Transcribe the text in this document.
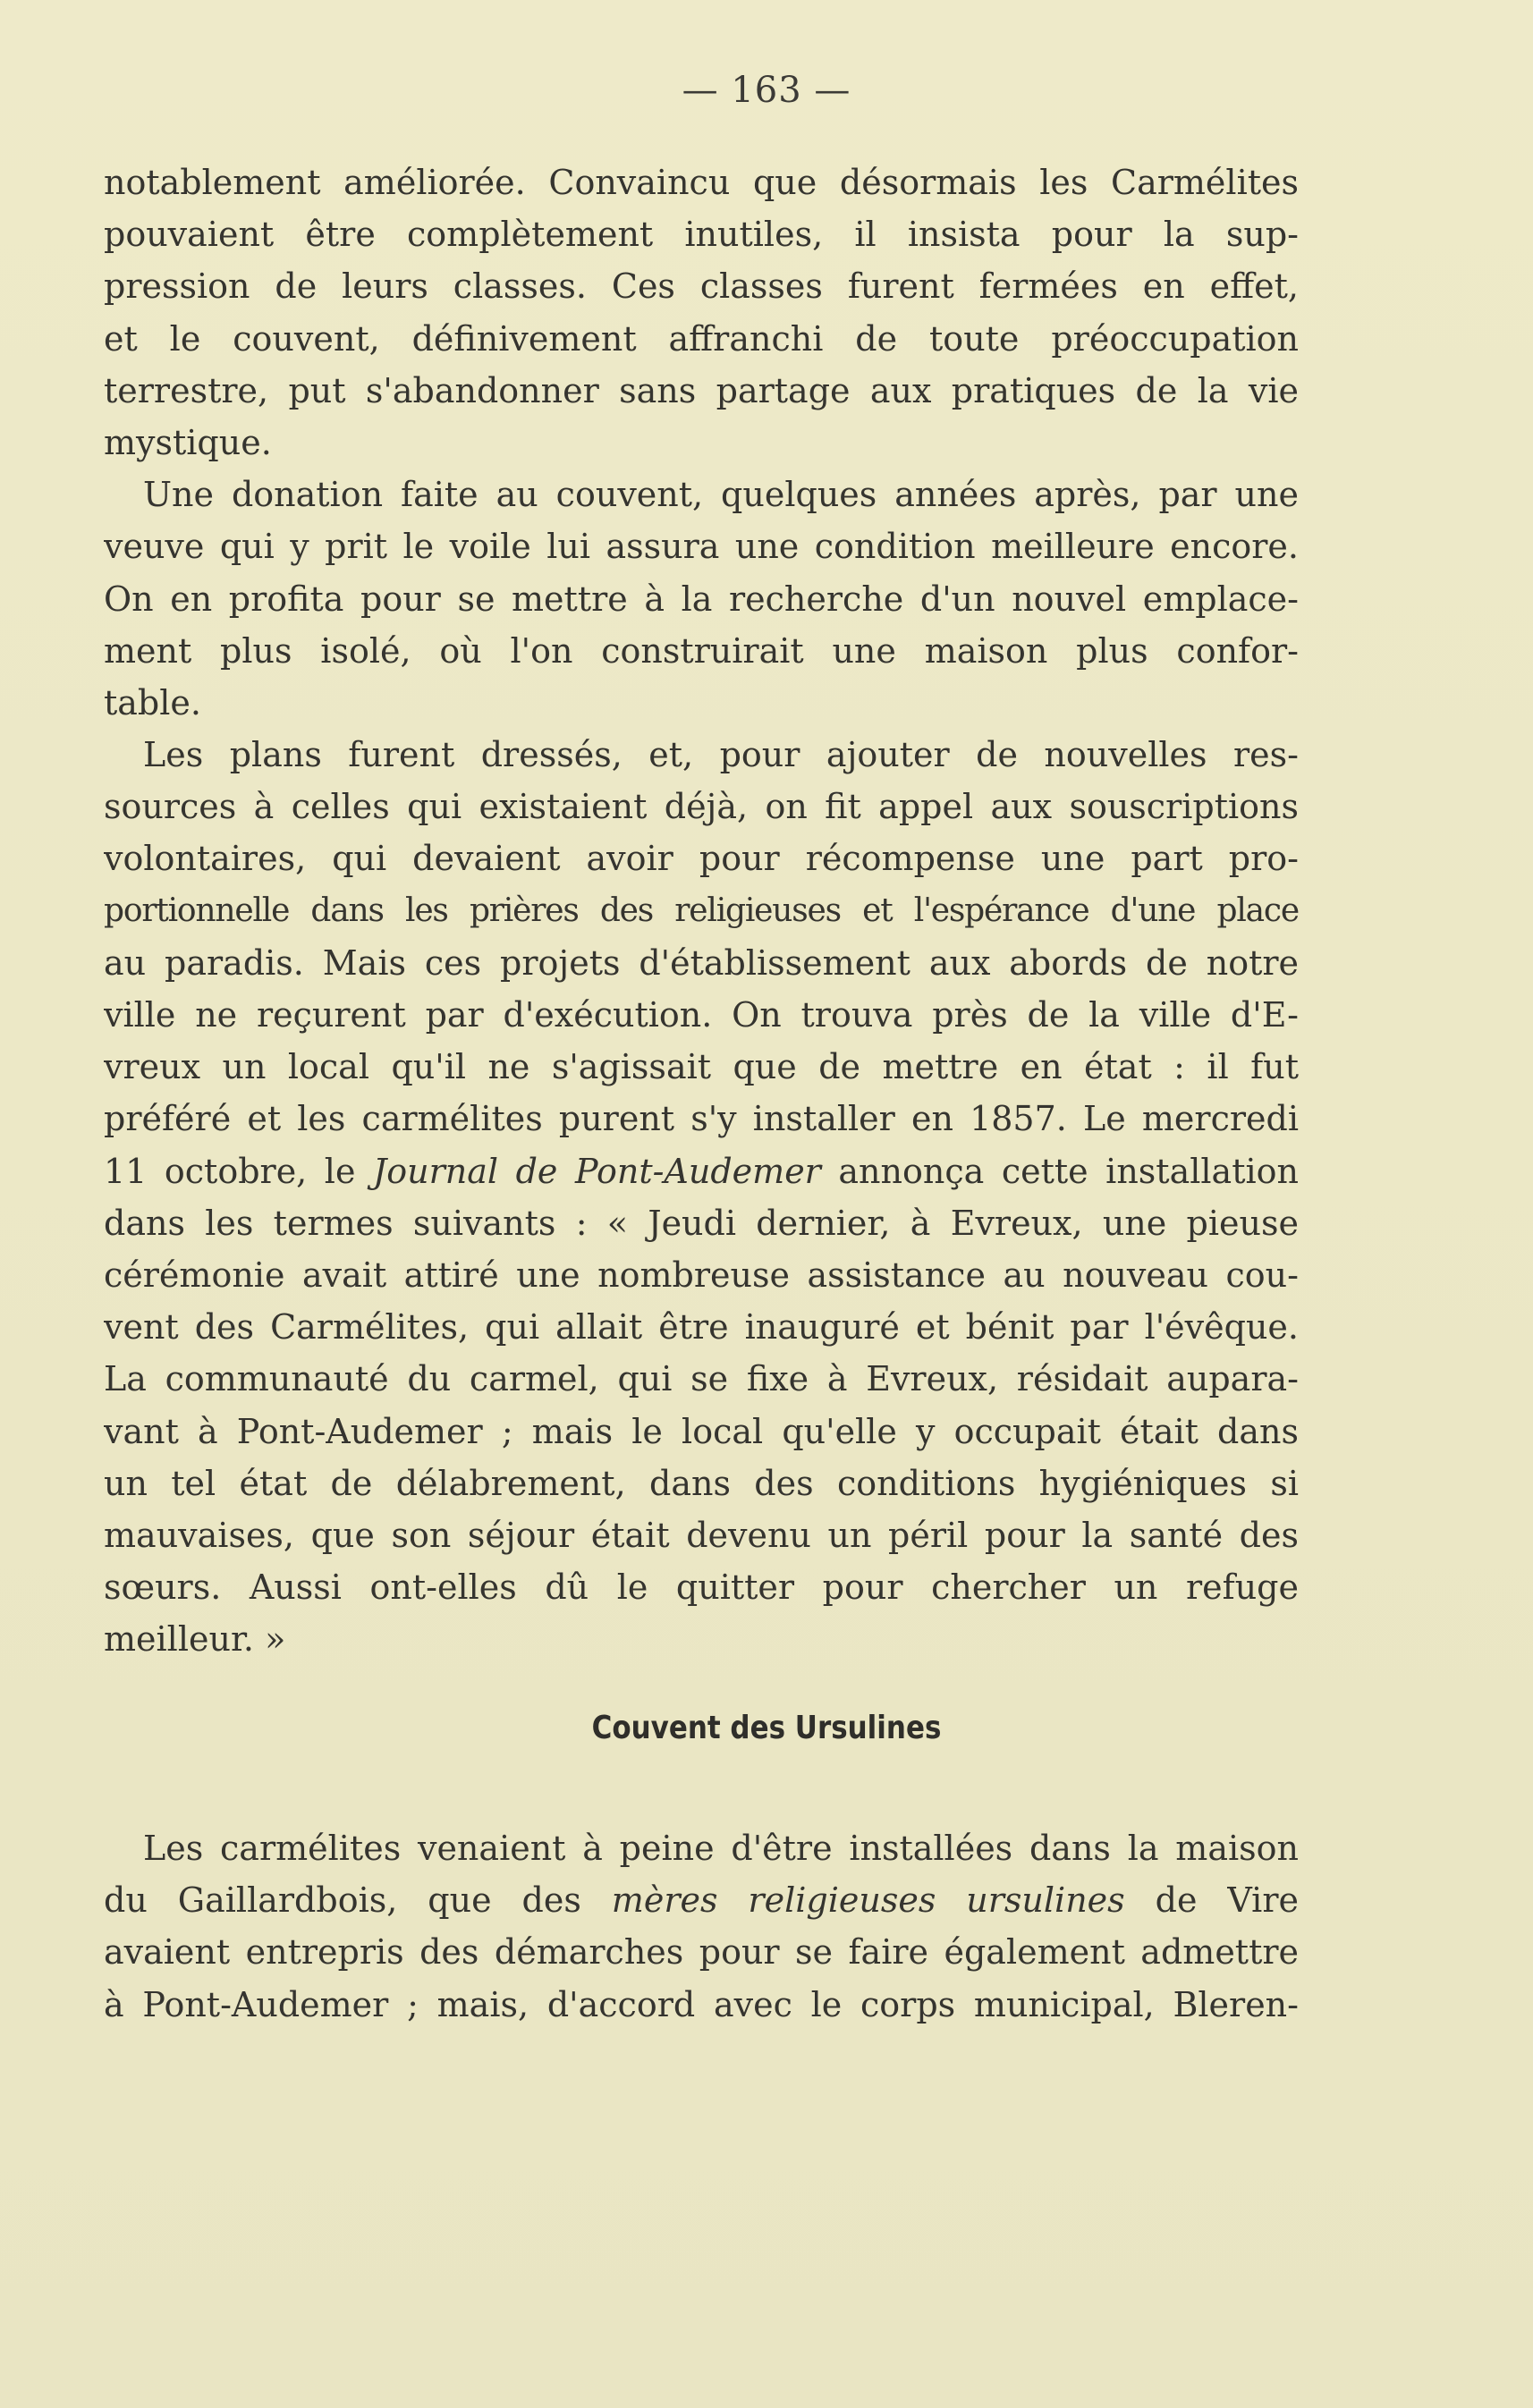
— 163 —
notablement améliorée. Convaincu que désormais les Carmélites
pouvaient être complètement inutiles, il insista pour la sup-
pression de leurs classes. Ces classes furent fermées en effet,
et le couvent, définivement affranchi de toute préoccupation
terrestre, put s'abandonner sans partage aux pratiques de la vie
mystique.
Une donation faite au couvent, quelques années après, par une
veuve qui y prit le voile lui assura une condition meilleure encore.
On en profita pour se mettre à la recherche d'un nouvel emplace-
ment plus isolé, où l'on construirait une maison plus confor-
table.
Les plans furent dressés, et, pour ajouter de nouvelles res-
sources à celles qui existaient déjà, on fit appel aux souscriptions
volontaires, qui devaient avoir pour récompense une part pro-
portionnelle dans les prières des religieuses et l'espérance d'une place
au paradis. Mais ces projets d'établissement aux abords de notre
ville ne reçurent par d'exécution. On trouva près de la ville d'E-
vreux un local qu'il ne s'agissait que de mettre en état : il fut
préféré et les carmélites purent s'y installer en 1857. Le mercredi
11 octobre, le Journal de Pont-Audemer annonça cette installation
dans les termes suivants : « Jeudi dernier, à Evreux, une pieuse
cérémonie avait attiré une nombreuse assistance au nouveau cou-
vent des Carmélites, qui allait être inauguré et bénit par l'évêque.
La communauté du carmel, qui se fixe à Evreux, résidait aupara-
vant à Pont-Audemer ; mais le local qu'elle y occupait était dans
un tel état de délabrement, dans des conditions hygiéniques si
mauvaises, que son séjour était devenu un péril pour la santé des
sœurs. Aussi ont-elles dû le quitter pour chercher un refuge
meilleur. »
Couvent des Ursulines
Les carmélites venaient à peine d'être installées dans la maison
du Gaillardbois, que des mères religieuses ursulines de Vire
avaient entrepris des démarches pour se faire également admettre
à Pont-Audemer ; mais, d'accord avec le corps municipal, Bleren-
